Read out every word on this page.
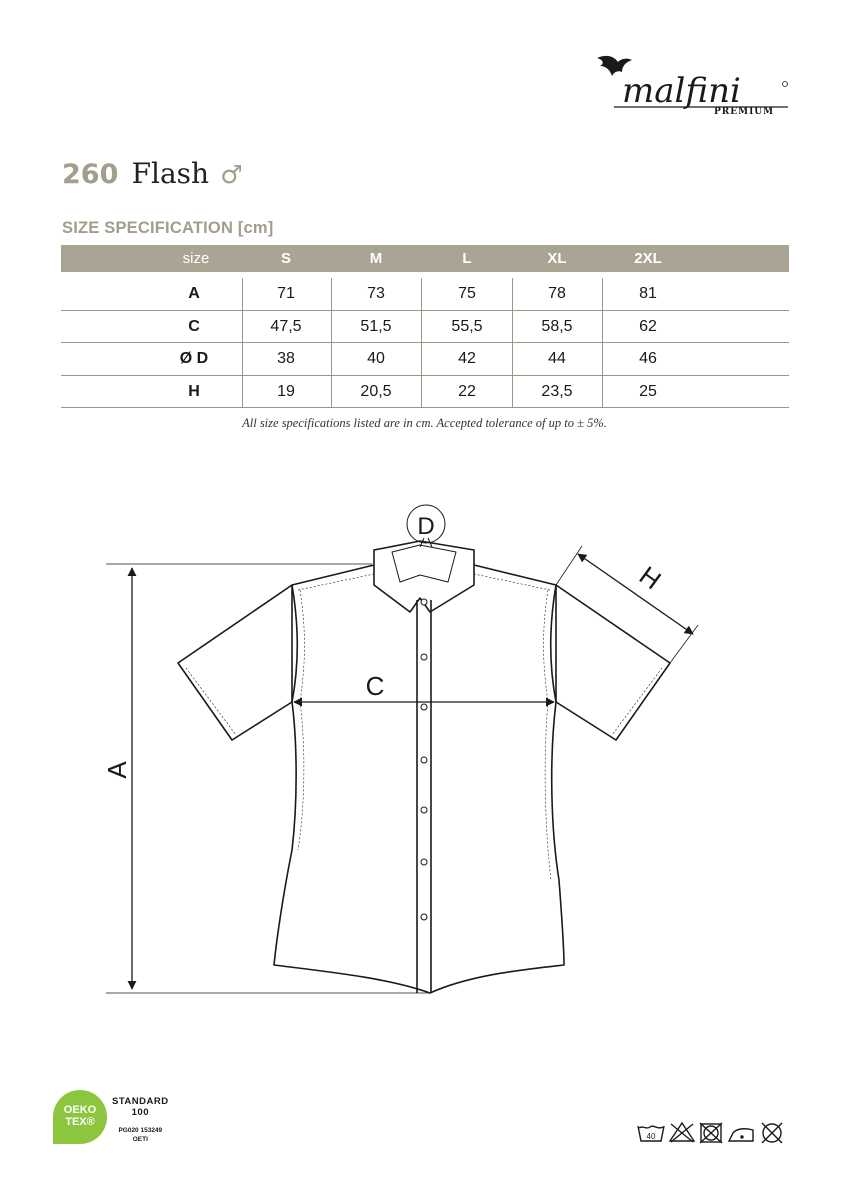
malfini
PREMIUM
260 Flash ♂
SIZE SPECIFICATION [cm]
size	S	M	L	XL	2XL
A	71	73	75	78	81
C	47,5	51,5	55,5	58,5	62
Ø D	38	40	42	44	46
H	19	20,5	22	23,5	25
All size specifications listed are in cm. Accepted tolerance of up to ± 5%.
A
C
D
H
OEKO
TEX®
STANDARD
100
PG020 153249
OETI	40
